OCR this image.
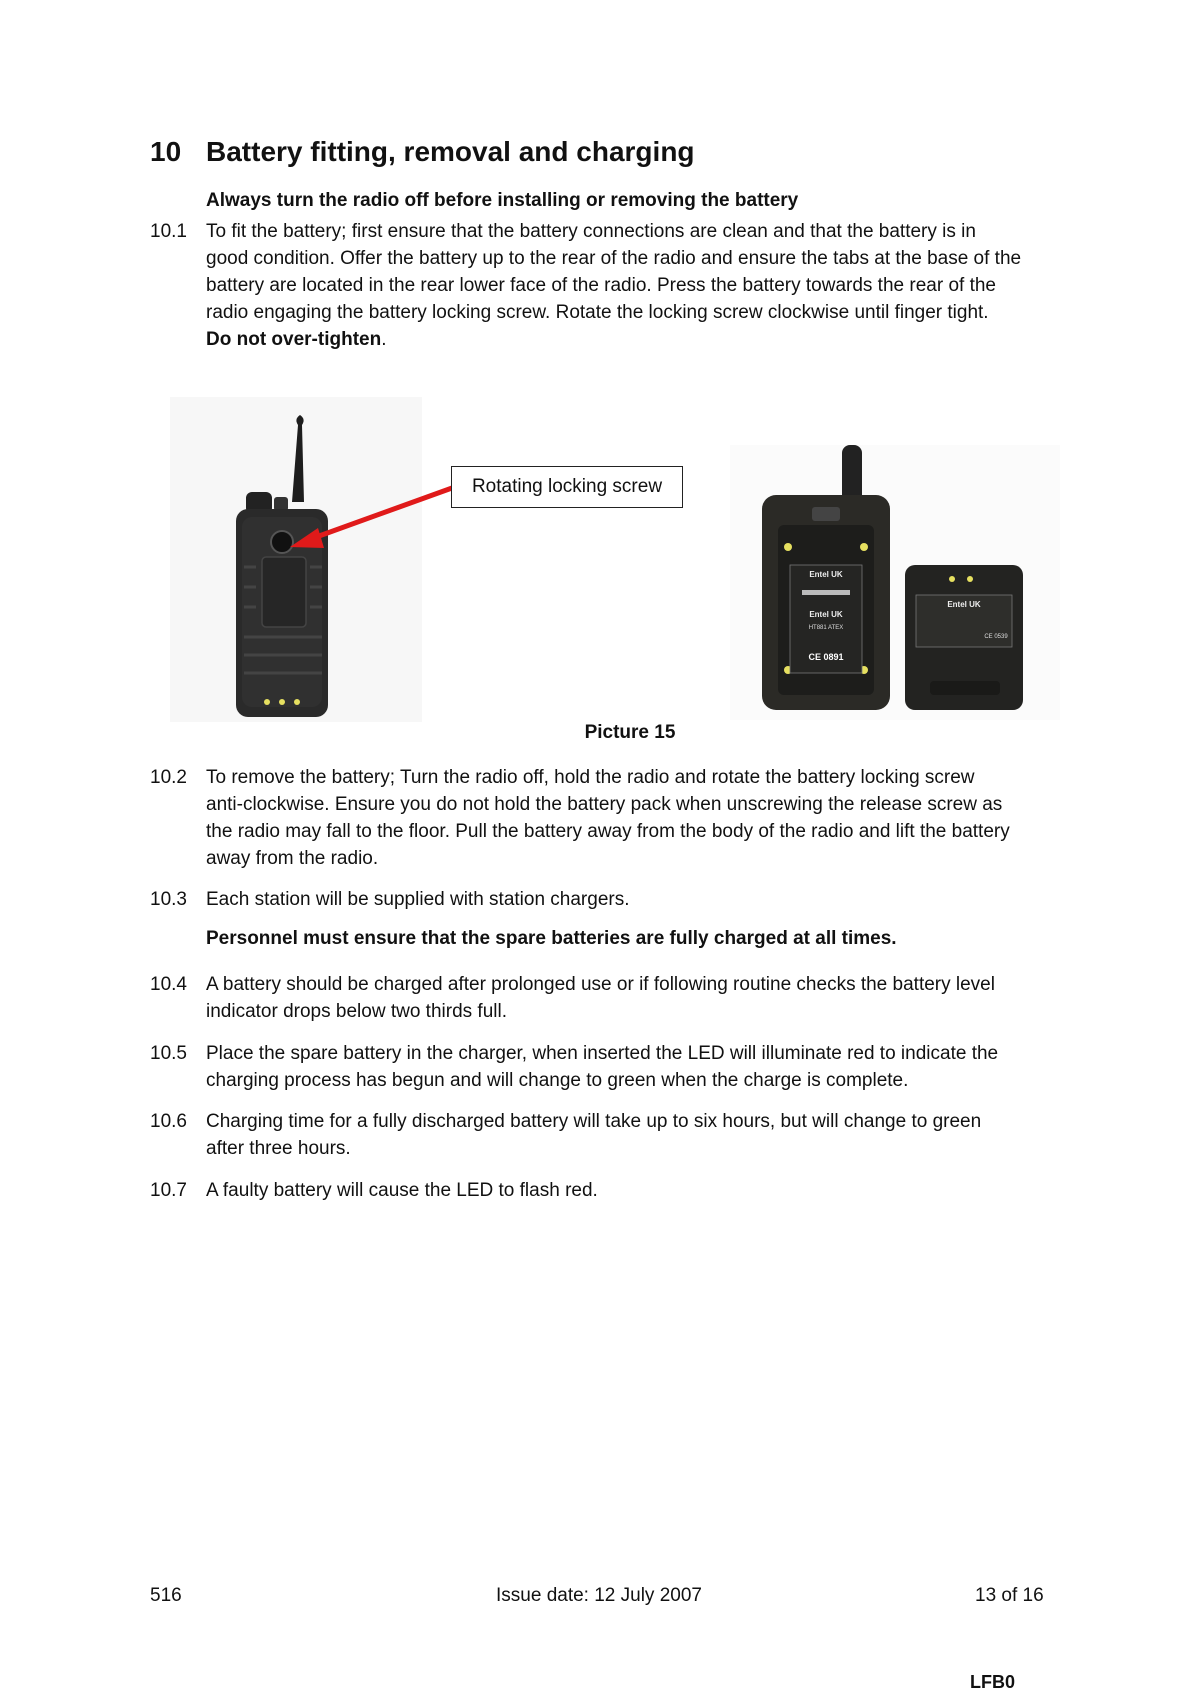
10 Battery fitting, removal and charging
Always turn the radio off before installing or removing the battery
10.1	To fit the battery; first ensure that the battery connections are clean and that the battery is in
good condition. Offer the battery up to the rear of the radio and ensure the tabs at the base of the
battery are located in the rear lower face of the radio. Press the battery towards the rear of the
radio engaging the battery locking screw. Rotate the locking screw clockwise until finger tight.
Do not over-tighten.
Rotating locking screw
Entel UK
Entel UK
HT881 ATEX
CE 0891
Entel UK
CE 0539
Picture 15
10.2	To remove the battery; Turn the radio off, hold the radio and rotate the battery locking screw
anti-clockwise. Ensure you do not hold the battery pack when unscrewing the release screw as
the radio may fall to the floor. Pull the battery away from the body of the radio and lift the battery
away from the radio.
10.3	Each station will be supplied with station chargers.
Personnel must ensure that the spare batteries are fully charged at all times.
10.4	A battery should be charged after prolonged use or if following routine checks the battery level
indicator drops below two thirds full.
10.5	Place the spare battery in the charger, when inserted the LED will illuminate red to indicate the
charging process has begun and will change to green when the charge is complete.
10.6	Charging time for a fully discharged battery will take up to six hours, but will change to green
after three hours.
10.7	A faulty battery will cause the LED to flash red.
516	Issue date: 12 July 2007	13 of 16
LFB0
